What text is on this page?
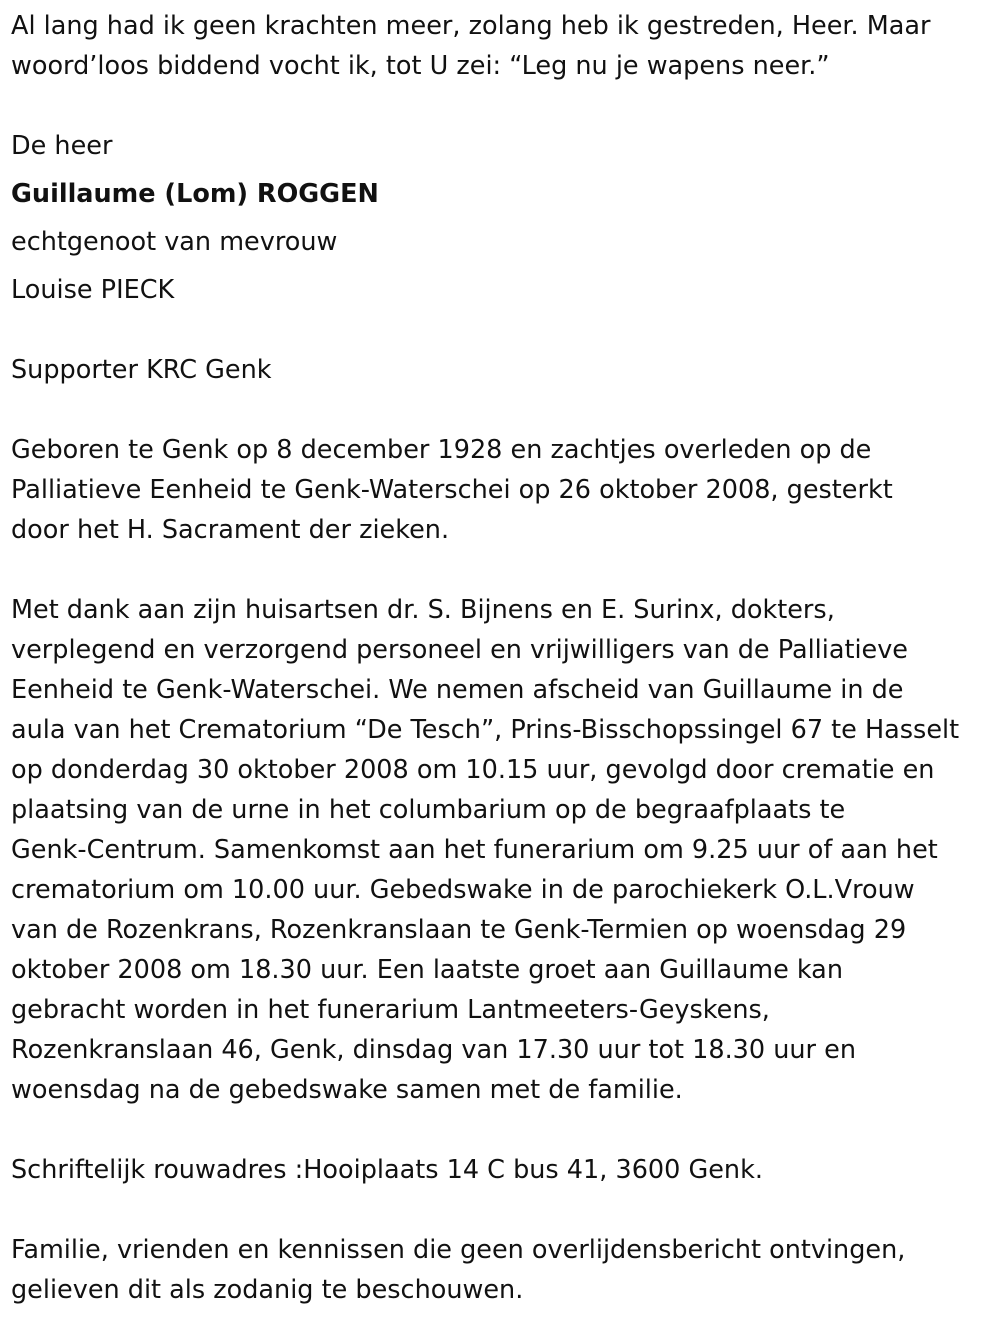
Al lang had ik geen krachten meer, zolang heb ik gestreden, Heer. Maar
woord’loos biddend vocht ik, tot U zei: “Leg nu je wapens neer.”

De heer

Guillaume (Lom) ROGGEN

echtgenoot van mevrouw

Louise PIECK

Supporter KRC Genk

Geboren te Genk op 8 december 1928 en zachtjes overleden op de
Palliatieve Eenheid te Genk-Waterschei op 26 oktober 2008, gesterkt
door het H. Sacrament der zieken.

Met dank aan zijn huisartsen dr. S. Bijnens en E. Surinx, dokters,
verplegend en verzorgend personeel en vrijwilligers van de Palliatieve
Eenheid te Genk-Waterschei. We nemen afscheid van Guillaume in de
aula van het Crematorium “De Tesch”, Prins-Bisschopssingel 67 te Hasselt
op donderdag 30 oktober 2008 om 10.15 uur, gevolgd door crematie en
plaatsing van de urne in het columbarium op de begraafplaats te
Genk-Centrum. Samenkomst aan het funerarium om 9.25 uur of aan het
crematorium om 10.00 uur. Gebedswake in de parochiekerk O.L.Vrouw
van de Rozenkrans, Rozenkranslaan te Genk-Termien op woensdag 29
oktober 2008 om 18.30 uur. Een laatste groet aan Guillaume kan
gebracht worden in het funerarium Lantmeeters-Geyskens,
Rozenkranslaan 46, Genk, dinsdag van 17.30 uur tot 18.30 uur en
woensdag na de gebedswake samen met de familie.

Schriftelijk rouwadres :Hooiplaats 14 C bus 41, 3600 Genk.

Familie, vrienden en kennissen die geen overlijdensbericht ontvingen,
gelieven dit als zodanig te beschouwen.
